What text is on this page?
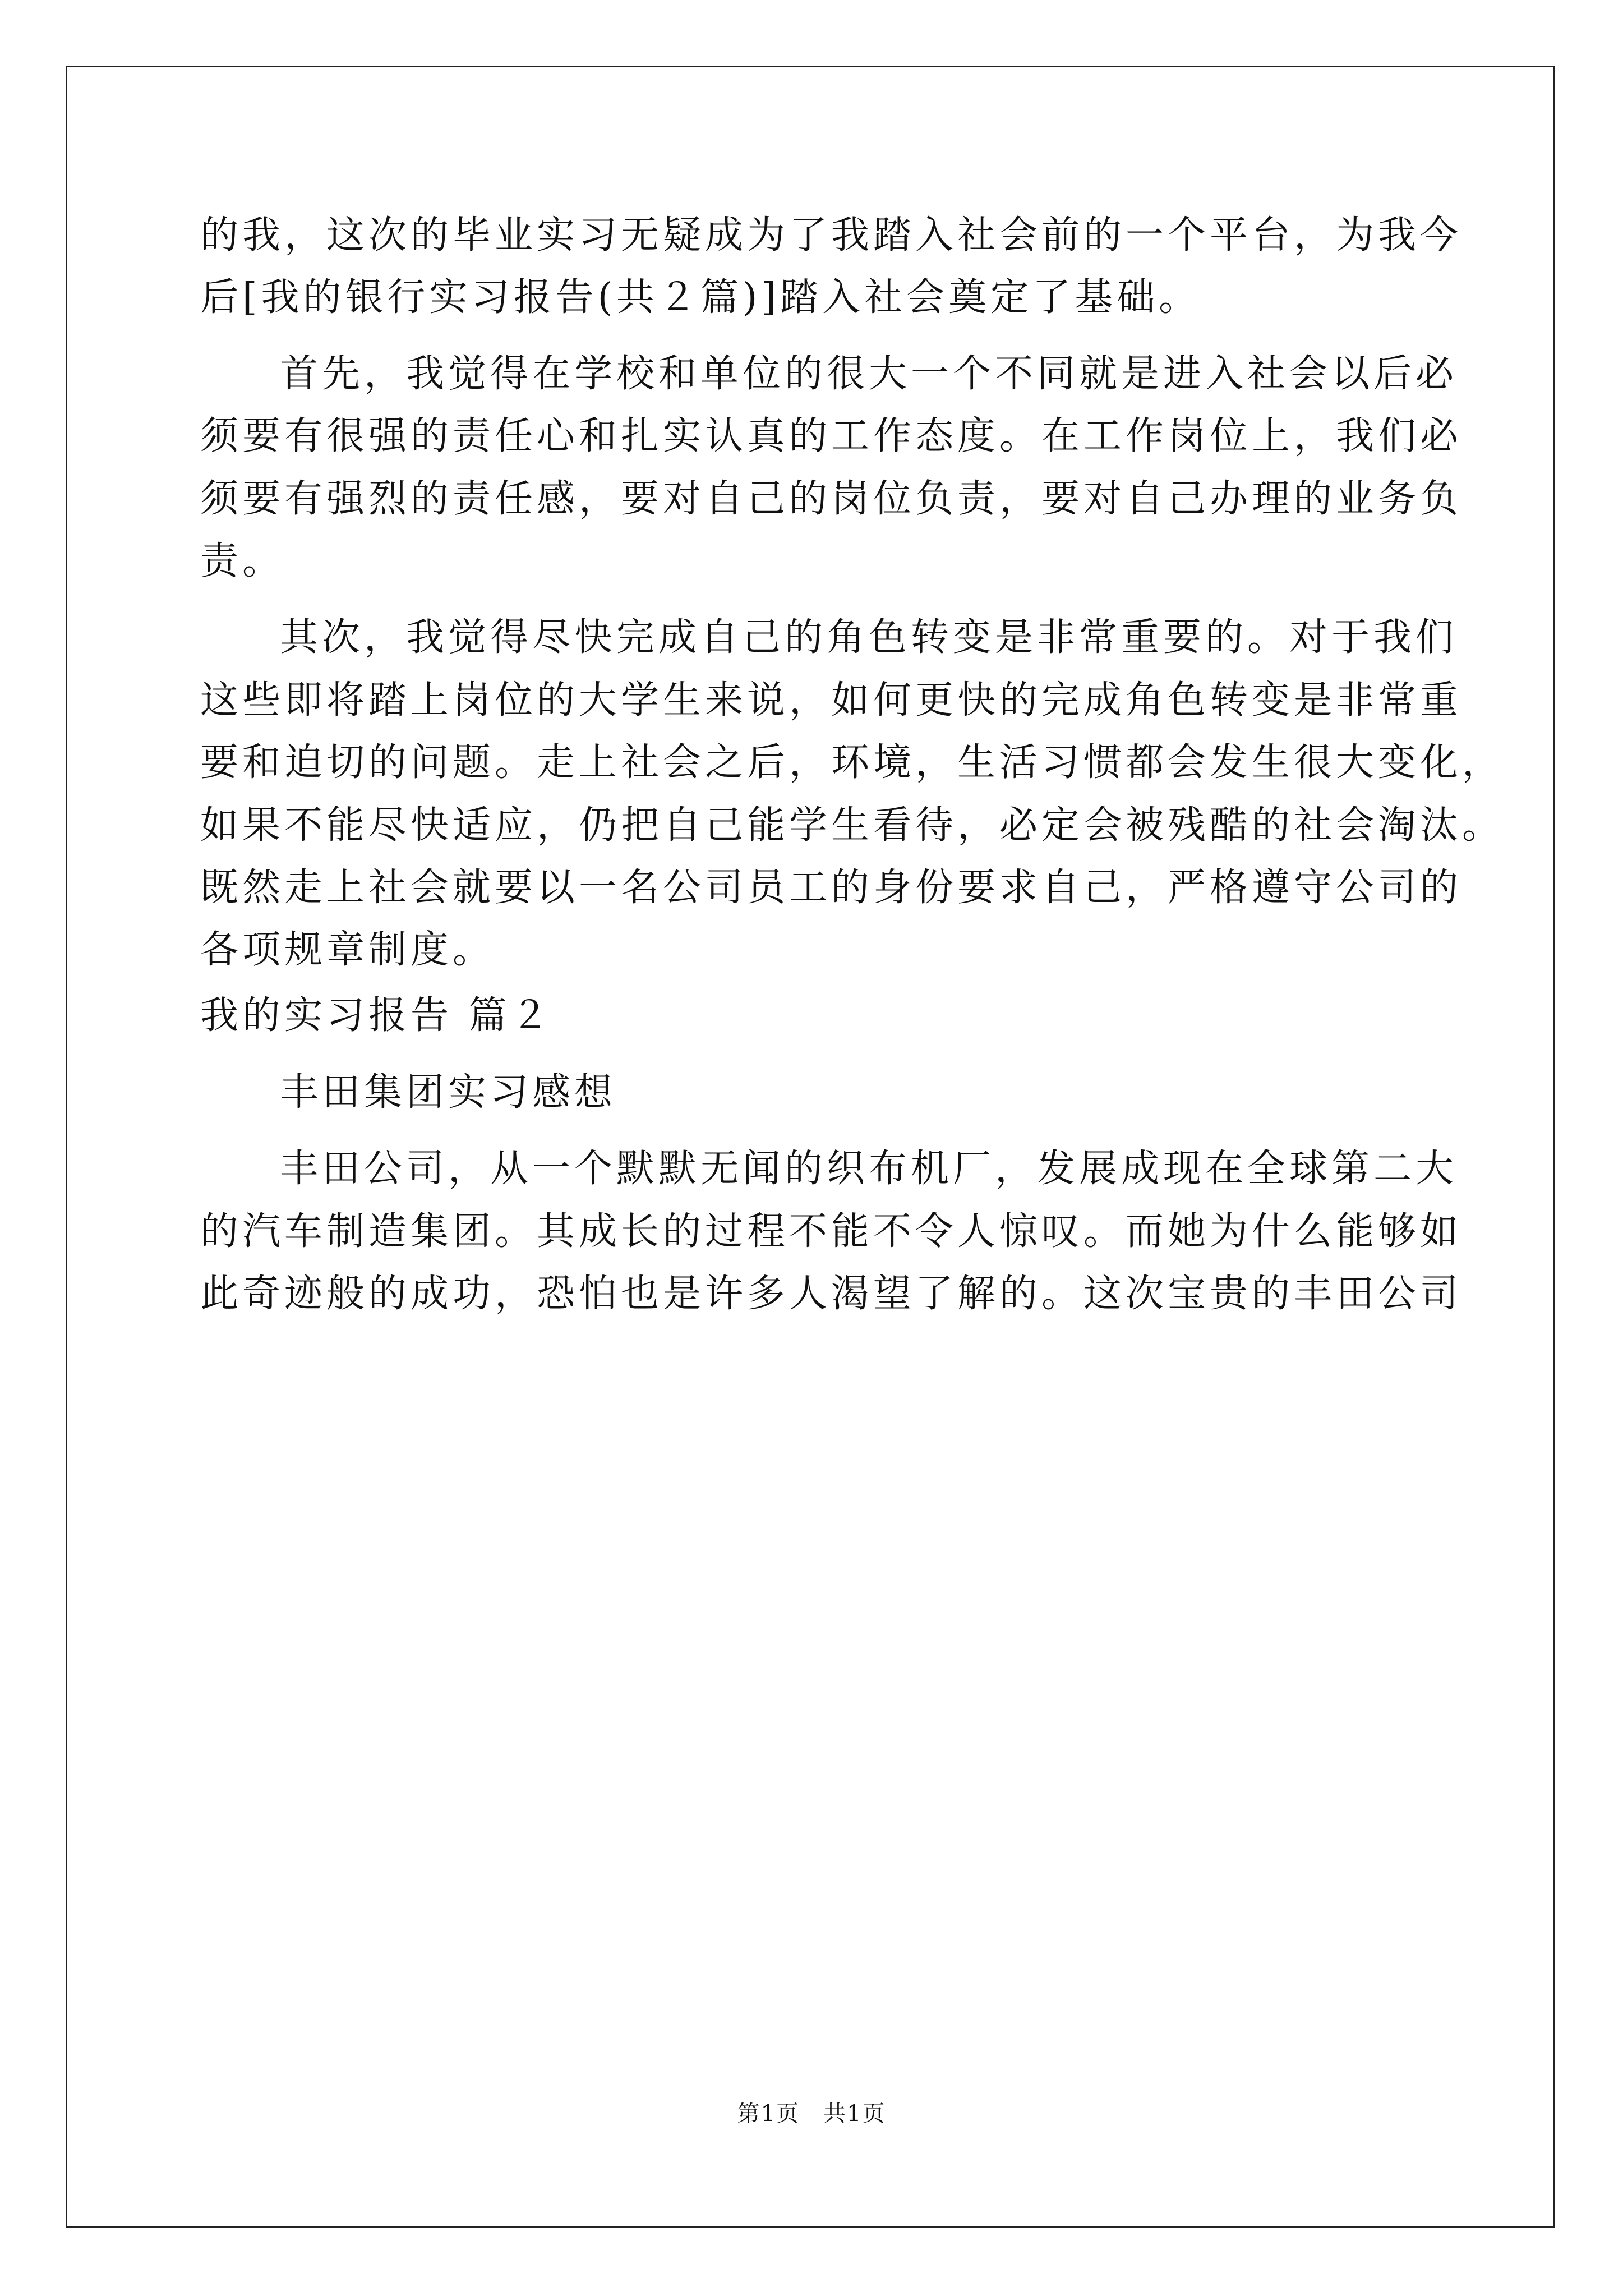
的我，这次的毕业实习无疑成为了我踏入社会前的一个平台，为我今
后[我的银行实习报告(共２篇)]踏入社会奠定了基础。
首先，我觉得在学校和单位的很大一个不同就是进入社会以后必
须要有很强的责任心和扎实认真的工作态度。在工作岗位上，我们必
须要有强烈的责任感，要对自己的岗位负责，要对自己办理的业务负
责。
其次，我觉得尽快完成自己的角色转变是非常重要的。对于我们
这些即将踏上岗位的大学生来说，如何更快的完成角色转变是非常重
要和迫切的问题。走上社会之后，环境，生活习惯都会发生很大变化，
如果不能尽快适应，仍把自己能学生看待，必定会被残酷的社会淘汰。
既然走上社会就要以一名公司员工的身份要求自己，严格遵守公司的
各项规章制度。
我的实习报告 篇２
丰田集团实习感想
丰田公司，从一个默默无闻的织布机厂，发展成现在全球第二大
的汽车制造集团。其成长的过程不能不令人惊叹。而她为什么能够如
此奇迹般的成功，恐怕也是许多人渴望了解的。这次宝贵的丰田公司
第1页　共1页
